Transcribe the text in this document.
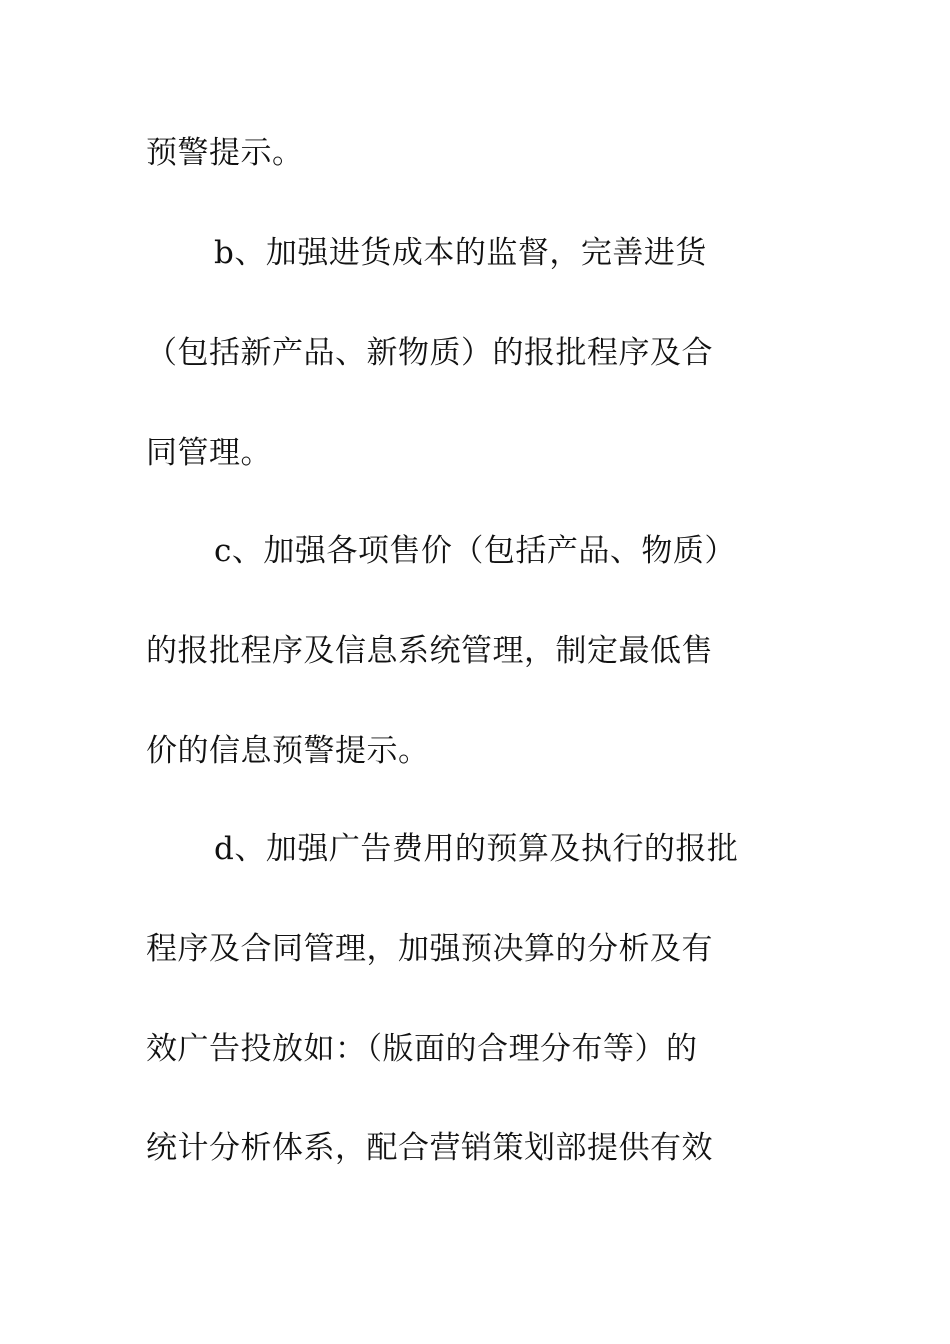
预警提示。
b、加强进货成本的监督，完善进货
（包括新产品、新物质）的报批程序及合
同管理。
c、加强各项售价（包括产品、物质）
的报批程序及信息系统管理，制定最低售
价的信息预警提示。
d、加强广告费用的预算及执行的报批
程序及合同管理，加强预决算的分析及有
效广告投放如：（版面的合理分布等）的
统计分析体系，配合营销策划部提供有效
